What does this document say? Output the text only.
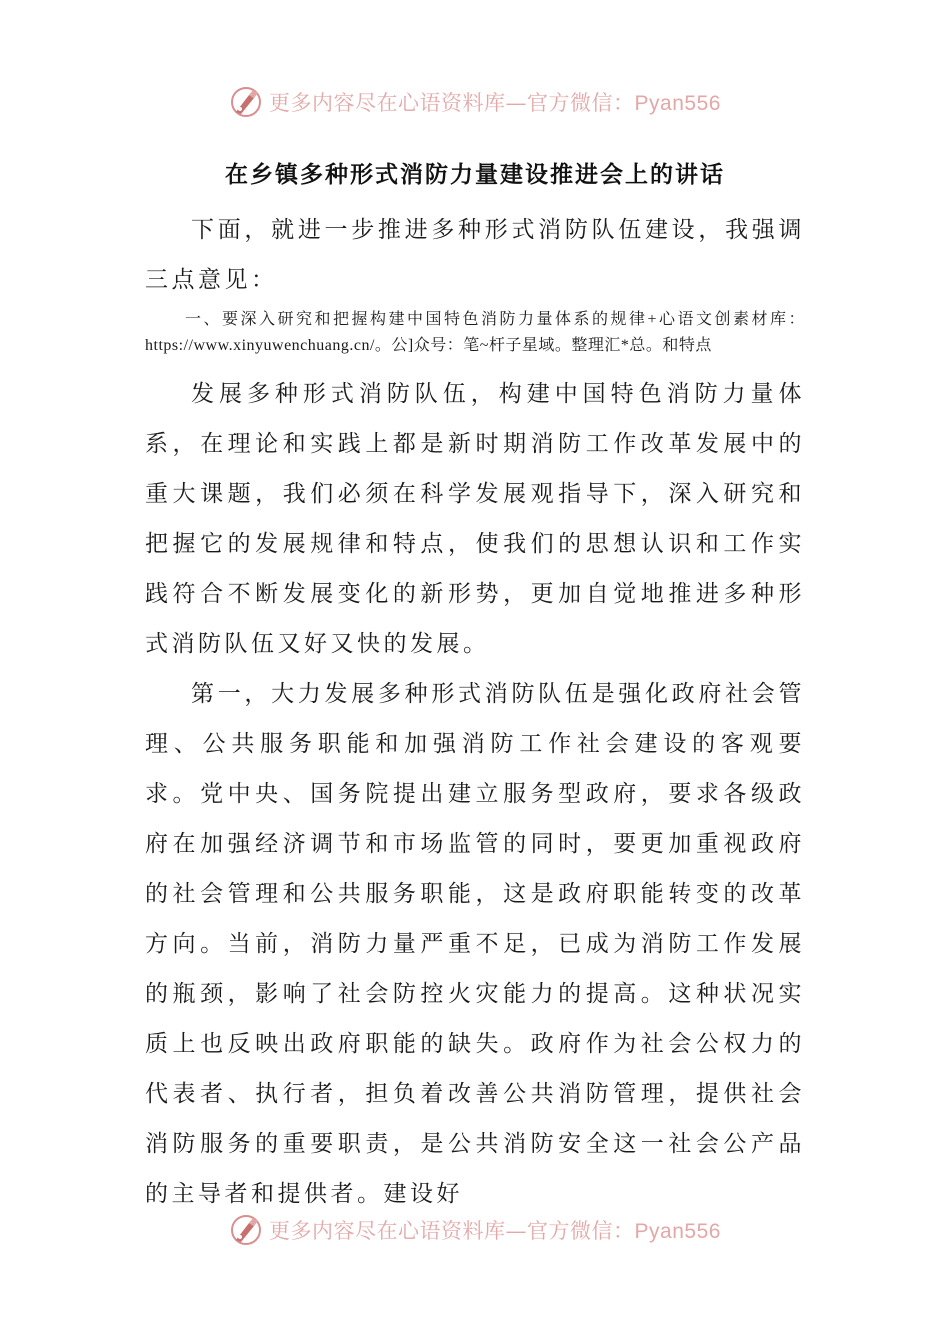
更多内容尽在心语资料库—官方微信：Pyan556
在乡镇多种形式消防力量建设推进会上的讲话

下面，就进一步推进多种形式消防队伍建设，我强调三点意见：

一、要深入研究和把握构建中国特色消防力量体系的规律+心语文创素材库：https://www.xinyuwenchuang.cn/。公]众号：笔~杆子星域。整理汇*总。和特点

发展多种形式消防队伍，构建中国特色消防力量体系，在理论和实践上都是新时期消防工作改革发展中的重大课题，我们必须在科学发展观指导下，深入研究和把握它的发展规律和特点，使我们的思想认识和工作实践符合不断发展变化的新形势，更加自觉地推进多种形式消防队伍又好又快的发展。

第一，大力发展多种形式消防队伍是强化政府社会管理、公共服务职能和加强消防工作社会建设的客观要求。党中央、国务院提出建立服务型政府，要求各级政府在加强经济调节和市场监管的同时，要更加重视政府的社会管理和公共服务职能，这是政府职能转变的改革方向。当前，消防力量严重不足，已成为消防工作发展的瓶颈，影响了社会防控火灾能力的提高。这种状况实质上也反映出政府职能的缺失。政府作为社会公权力的代表者、执行者，担负着改善公共消防管理，提供社会消防服务的重要职责，是公共消防安全这一社会公产品的主导者和提供者。建设好

更多内容尽在心语资料库—官方微信：Pyan556
